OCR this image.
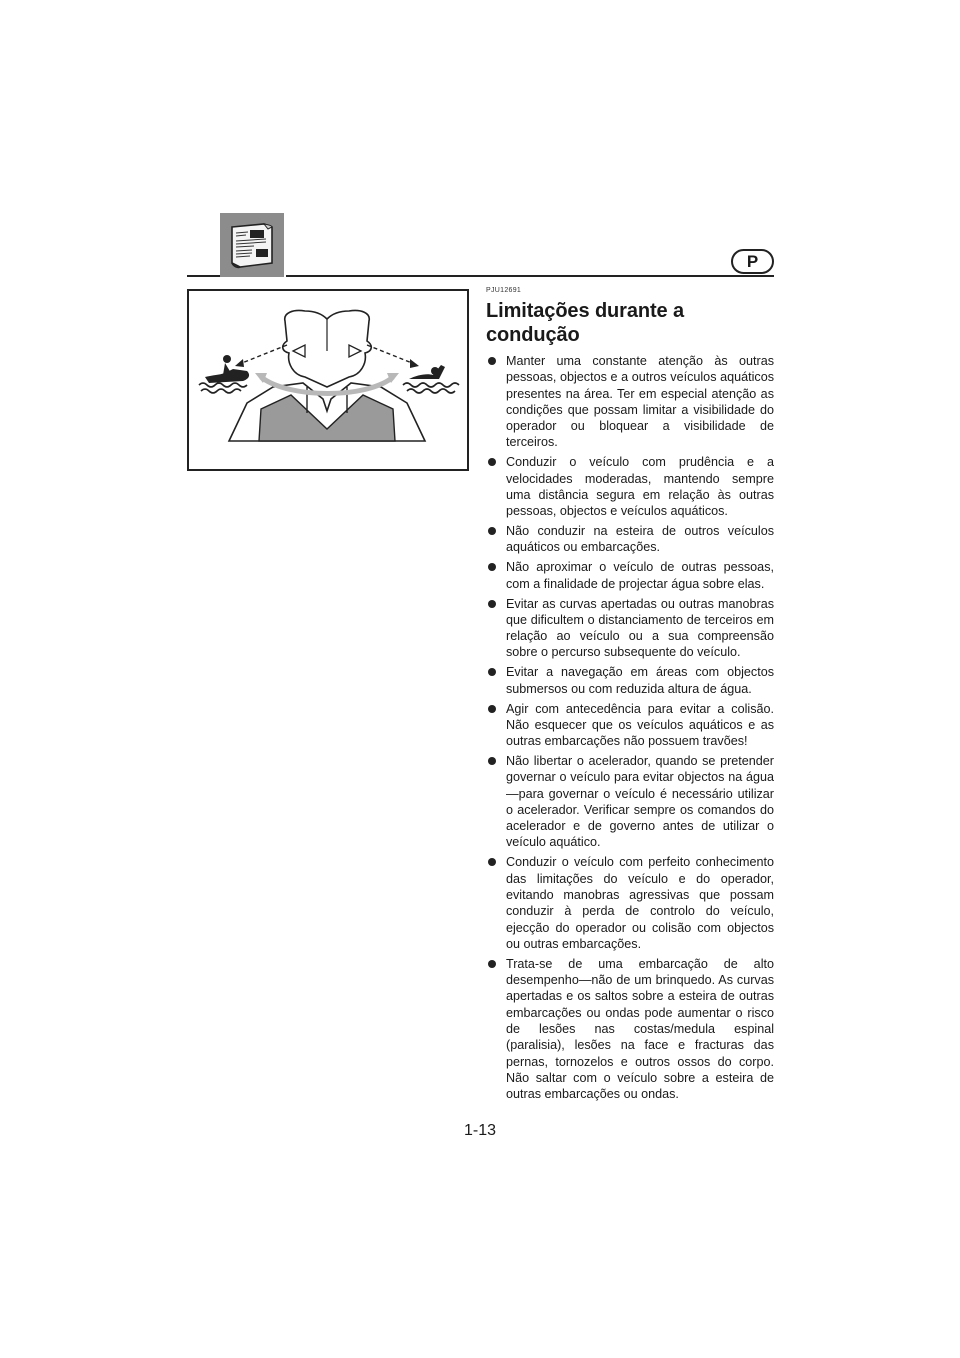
P
PJU12691
Limitações durante a condução
Manter uma constante atenção às outras pessoas, objectos e a outros veículos aquáticos presentes na área. Ter em especial atenção as condições que possam limitar a visibilidade do operador ou bloquear a visibilidade de terceiros.
Conduzir o veículo com prudência e a velocidades moderadas, mantendo sempre uma distância segura em relação às outras pessoas, objectos e veículos aquáticos.
Não conduzir na esteira de outros veículos aquáticos ou embarcações.
Não aproximar o veículo de outras pessoas, com a finalidade de projectar água sobre elas.
Evitar as curvas apertadas ou outras manobras que dificultem o distanciamento de terceiros em relação ao veículo ou a sua compreensão sobre o percurso subsequente do veículo.
Evitar a navegação em áreas com objectos submersos ou com reduzida altura de água.
Agir com antecedência para evitar a colisão. Não esquecer que os veículos aquáticos e as outras embarcações não possuem travões!
Não libertar o acelerador, quando se pretender governar o veículo para evitar objectos na água—para governar o veículo é necessário utilizar o acelerador. Verificar sempre os comandos do acelerador e de governo antes de utilizar o veículo aquático.
Conduzir o veículo com perfeito conhecimento das limitações do veículo e do operador, evitando manobras agressivas que possam conduzir à perda de controlo do veículo, ejecção do operador ou colisão com objectos ou outras embarcações.
Trata-se de uma embarcação de alto desempenho—não de um brinquedo. As curvas apertadas e os saltos sobre a esteira de outras embarcações ou ondas pode aumentar o risco de lesões nas costas/medula espinal (paralisia), lesões na face e fracturas das pernas, tornozelos e outros ossos do corpo. Não saltar com o veículo sobre a esteira de outras embarcações ou ondas.
1-13
